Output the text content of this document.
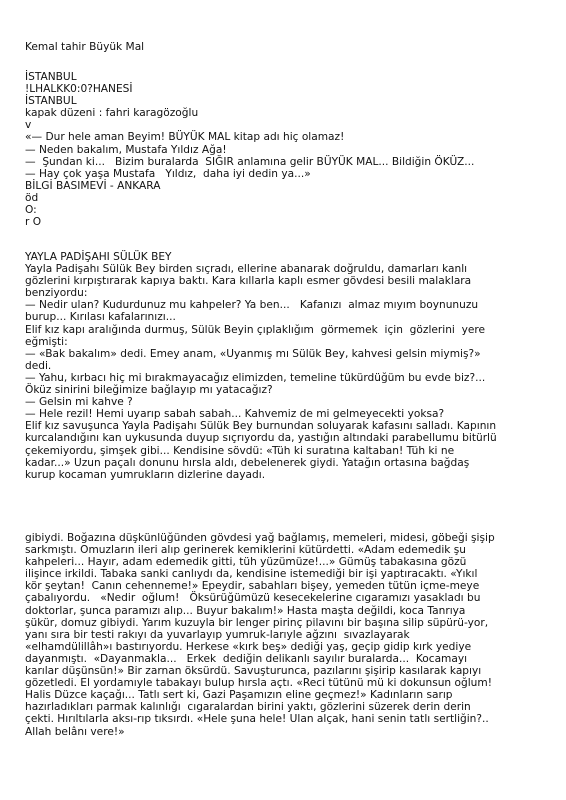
Kemal tahir Büyük Mal
İSTANBUL
!LHALKK0:0?HANESİ
İSTANBUL
kapak düzeni : fahri karagözoğlu
v
«— Dur hele aman Beyim! BÜYÜK MAL kitap adı hiç olamaz!
— Neden bakalım, Mustafa Yıldız Ağa!
—  Şundan ki...   Bizim buralarda  SIĞIR anlamına gelir BÜYÜK MAL... Bildiğin ÖKÜZ...
— Hay çok yaşa Mustafa   Yıldız,  daha iyi dedin ya...»
BİLGİ BASIMEVİ - ANKARA
öd
O:
r O
YAYLA PADİŞAHI SÜLÜK BEY
Yayla Padişahı Sülük Bey birden sıçradı, ellerine abanarak doğruldu, damarları kanlı
gözlerini kırpıştırarak kapıya baktı. Kara kıllarla kaplı esmer gövdesi besili malaklara
benziyordu:
— Nedir ulan? Kudurdunuz mu kahpeler? Ya ben...   Kafanızı  almaz mıyım boynunuzu
burup... Kırılası kafalarınızı...
Elif kız kapı aralığında durmuş, Sülük Beyin çıplaklığım  görmemek  için  gözlerini  yere
eğmişti:
— «Bak bakalım» dedi. Emey anam, «Uyanmış mı Sülük Bey, kahvesi gelsin miymiş?»
dedi.
— Yahu, kırbacı hiç mi bırakmayacağız elimizden, temeline tükürdüğüm bu evde biz?...
Öküz sinirini bileğimize bağlayıp mı yatacağız?
— Gelsin mi kahve ?
— Hele rezil! Hemi uyarıp sabah sabah... Kahvemiz de mi gelmeyecekti yoksa?
Elif kız savuşunca Yayla Padişahı Sülük Bey burnundan soluyarak kafasını salladı. Kapının
kurcalandığını kan uykusunda duyup sıçrıyordu da, yastığın altındaki parabellumu bitürlü
çekemiyordu, şimşek gibi... Kendisine sövdü: «Tüh ki suratına kaltaban! Tüh ki ne
kadar...» Uzun paçalı donunu hırsla aldı, debelenerek giydi. Yatağın ortasına bağdaş
kurup kocaman yumrukların dizlerine dayadı.
gibiydi. Boğazına düşkünlüğünden gövdesi yağ bağlamış, memeleri, midesi, göbeği şişip
sarkmıştı. Omuzların ileri alıp gerinerek kemiklerini kütürdetti. «Adam edemedik şu
kahpeleri... Hayır, adam edemedik gitti, tüh yüzümüze!...» Gümüş tabakasına gözü
ilişince irkildi. Tabaka sanki canlıydı da, kendisine istemediği bir işi yaptıracaktı. «Yıkıl
kör şeytan!  Canın cehenneme!» Epeydir, sabahları bişey, yemeden tütün içme-meye
çabalıyordu.   «Nedir  oğlum!   Öksürüğümüzü kesecekelerine cıgaramızı yasakladı bu
doktorlar, şunca paramızı alıp... Buyur bakalım!» Hasta maşta değildi, koca Tanrıya
şükür, domuz gibiydi. Yarım kuzuyla bir lenger pirinç pilavını bir başına silip süpürü-yor,
yanı sıra bir testi rakıyı da yuvarlayıp yumruk-larıyle ağzını  sıvazlayarak
«elhamdülillâh»ı bastırıyordu. Herkese «kırk beş» dediği yaş, geçip gidip kırk yediye
dayanmıştı.  «Dayanmakla...   Erkek  dediğin delikanlı sayılır buralarda...  Kocamayı
karılar düşünsün!» Bir zarnan öksürdü. Savuşturunca, pazılarını şişirip kasılarak kapıyı
gözetledi. El yordamıyle tabakayı bulup hırsla açtı. «Reci tütünü mü ki dokunsun oğlum!
Halis Düzce kaçağı... Tatlı sert ki, Gazi Paşamızın eline geçmez!» Kadınların sarıp
hazırladıkları parmak kalınlığı  cıgaralardan birini yaktı, gözlerini süzerek derin derin
çekti. Hırıltılarla aksı-rıp tıksırdı. «Hele şuna hele! Ulan alçak, hani senin tatlı sertliğin?..
Allah belânı vere!»
